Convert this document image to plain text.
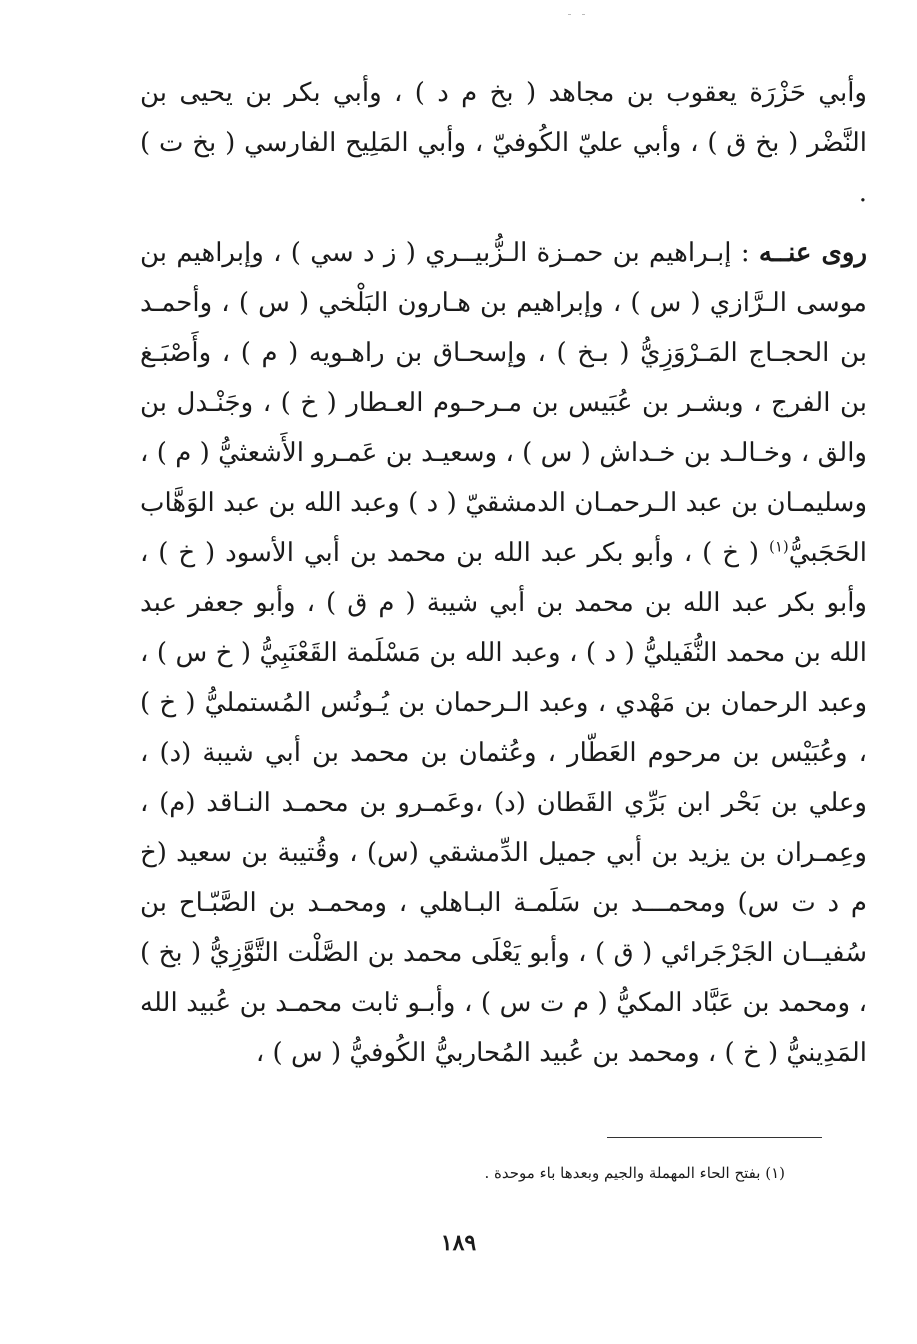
وأبي حَزْرَة يعقوب بن مجاهد ( بخ م د ) ، وأبي بكر بن يحيى بن النَّضْر ( بخ ق ) ، وأبي عليّ الكُوفيّ ، وأبي المَلِيح الفارسي ( بخ ت ) .

روى عنــه : إبـراهيم بن حمـزة الـزُّبيــري ( ز د سي ) ، وإبراهيم بن موسى الـرَّازي ( س ) ، وإبراهيم بن هـارون البَلْخي ( س ) ، وأحمـد بن الحجـاج المَـرْوَزِيُّ ( بـخ ) ، وإسحـاق بن راهـويه ( م ) ، وأَصْبَـغ بن الفرج ، وبشـر بن عُبَيس بن مـرحـوم العـطار ( خ ) ، وجَنْـدل بن والق ، وخـالـد بن خـداش ( س ) ، وسعيـد بن عَمـرو الأَشعثيُّ ( م ) ، وسليمـان بن عبد الـرحمـان الدمشقيّ ( د ) وعبد الله بن عبد الوَهَّاب الحَجَبيُّ$^{(١)}$ ( خ ) ، وأبو بكر عبد الله بن محمد بن أبي الأسود ( خ ) ، وأبو بكر عبد الله بن محمد بن أبي شيبة ( م ق ) ، وأبو جعفر عبد الله بن محمد النُّفَيليُّ ( د ) ، وعبد الله بن مَسْلَمة القَعْنَبِيُّ ( خ س ) ، وعبد الرحمان بن مَهْدي ، وعبد الـرحمان بن يُـونُس المُستمليُّ ( خ ) ، وعُبَيْس بن مرحوم العَطّار ، وعُثمان بن محمد بن أبي شيبة (د) ، وعلي بن بَحْر ابن بَرِّي القَطان (د) ،وعَمـرو بن محمـد النـاقد (م) ، وعِمـران بن يزيد بن أبي جميل الدِّمشقي (س) ، وقُتيبة بن سعيد (خ م د ت س) ومحمـــد بن سَلَمـة البـاهلي ، ومحمـد بن الصَّبّـاح بن سُفيــان الجَرْجَرائي ( ق ) ، وأبو يَعْلَى محمد بن الصَّلْت التَّوَّزِيُّ ( بخ ) ، ومحمد بن عَبَّاد المكيُّ ( م ت س ) ، وأبـو ثابت محمـد بن عُبيد الله المَدِينيُّ ( خ ) ، ومحمد بن عُبيد المُحاربيُّ الكُوفيُّ ( س ) ،

(١) بفتح الحاء المهملة والجيم وبعدها باء موحدة .

١٨٩
